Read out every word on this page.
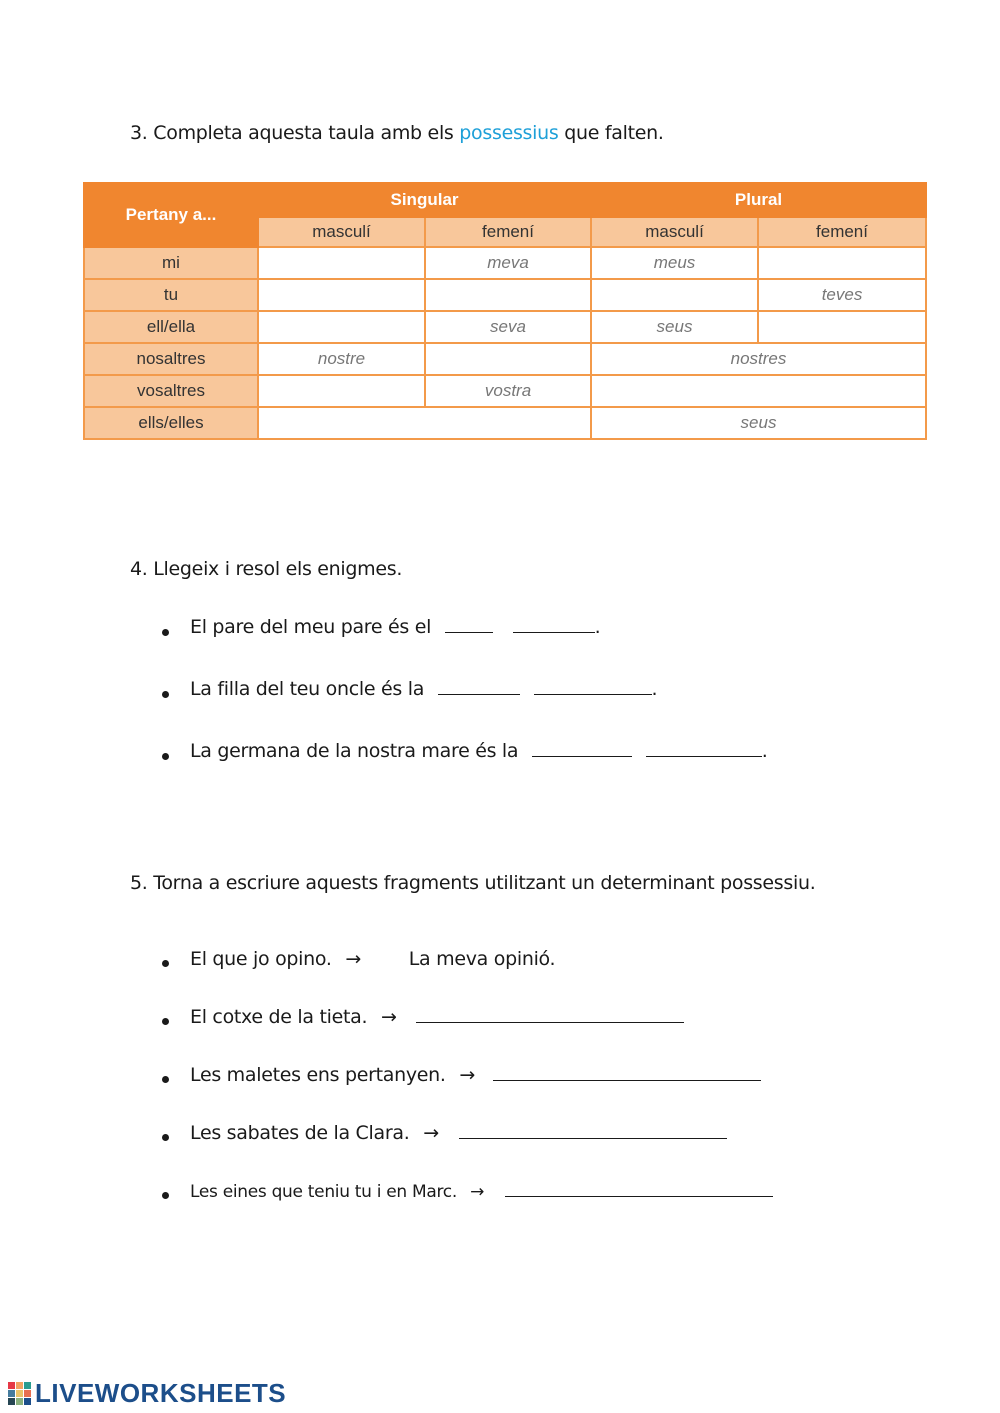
3. Completa aquesta taula amb els possessius que falten.
Pertany a...	Singular		Plural	
	masculí	femení	masculí	femení
mi		meva	meus	
tu				teves
ell/ella		seva	seus	
nosaltres	nostre		nostres	
vosaltres		vostra		
ells/elles			seus	
4. Llegeix i resol els enigmes.
El pare del meu pare és el	.
La filla del teu oncle és la	.
La germana de la nostra mare és la	.
5. Torna a escriure aquests fragments utilitzant un determinant possessiu.
El que jo opino. →	La meva opinió.
El cotxe de la tieta. →
Les maletes ens pertanyen. →
Les sabates de la Clara. →
Les eines que teniu tu i en Marc. →
LIVEWORKSHEETS
